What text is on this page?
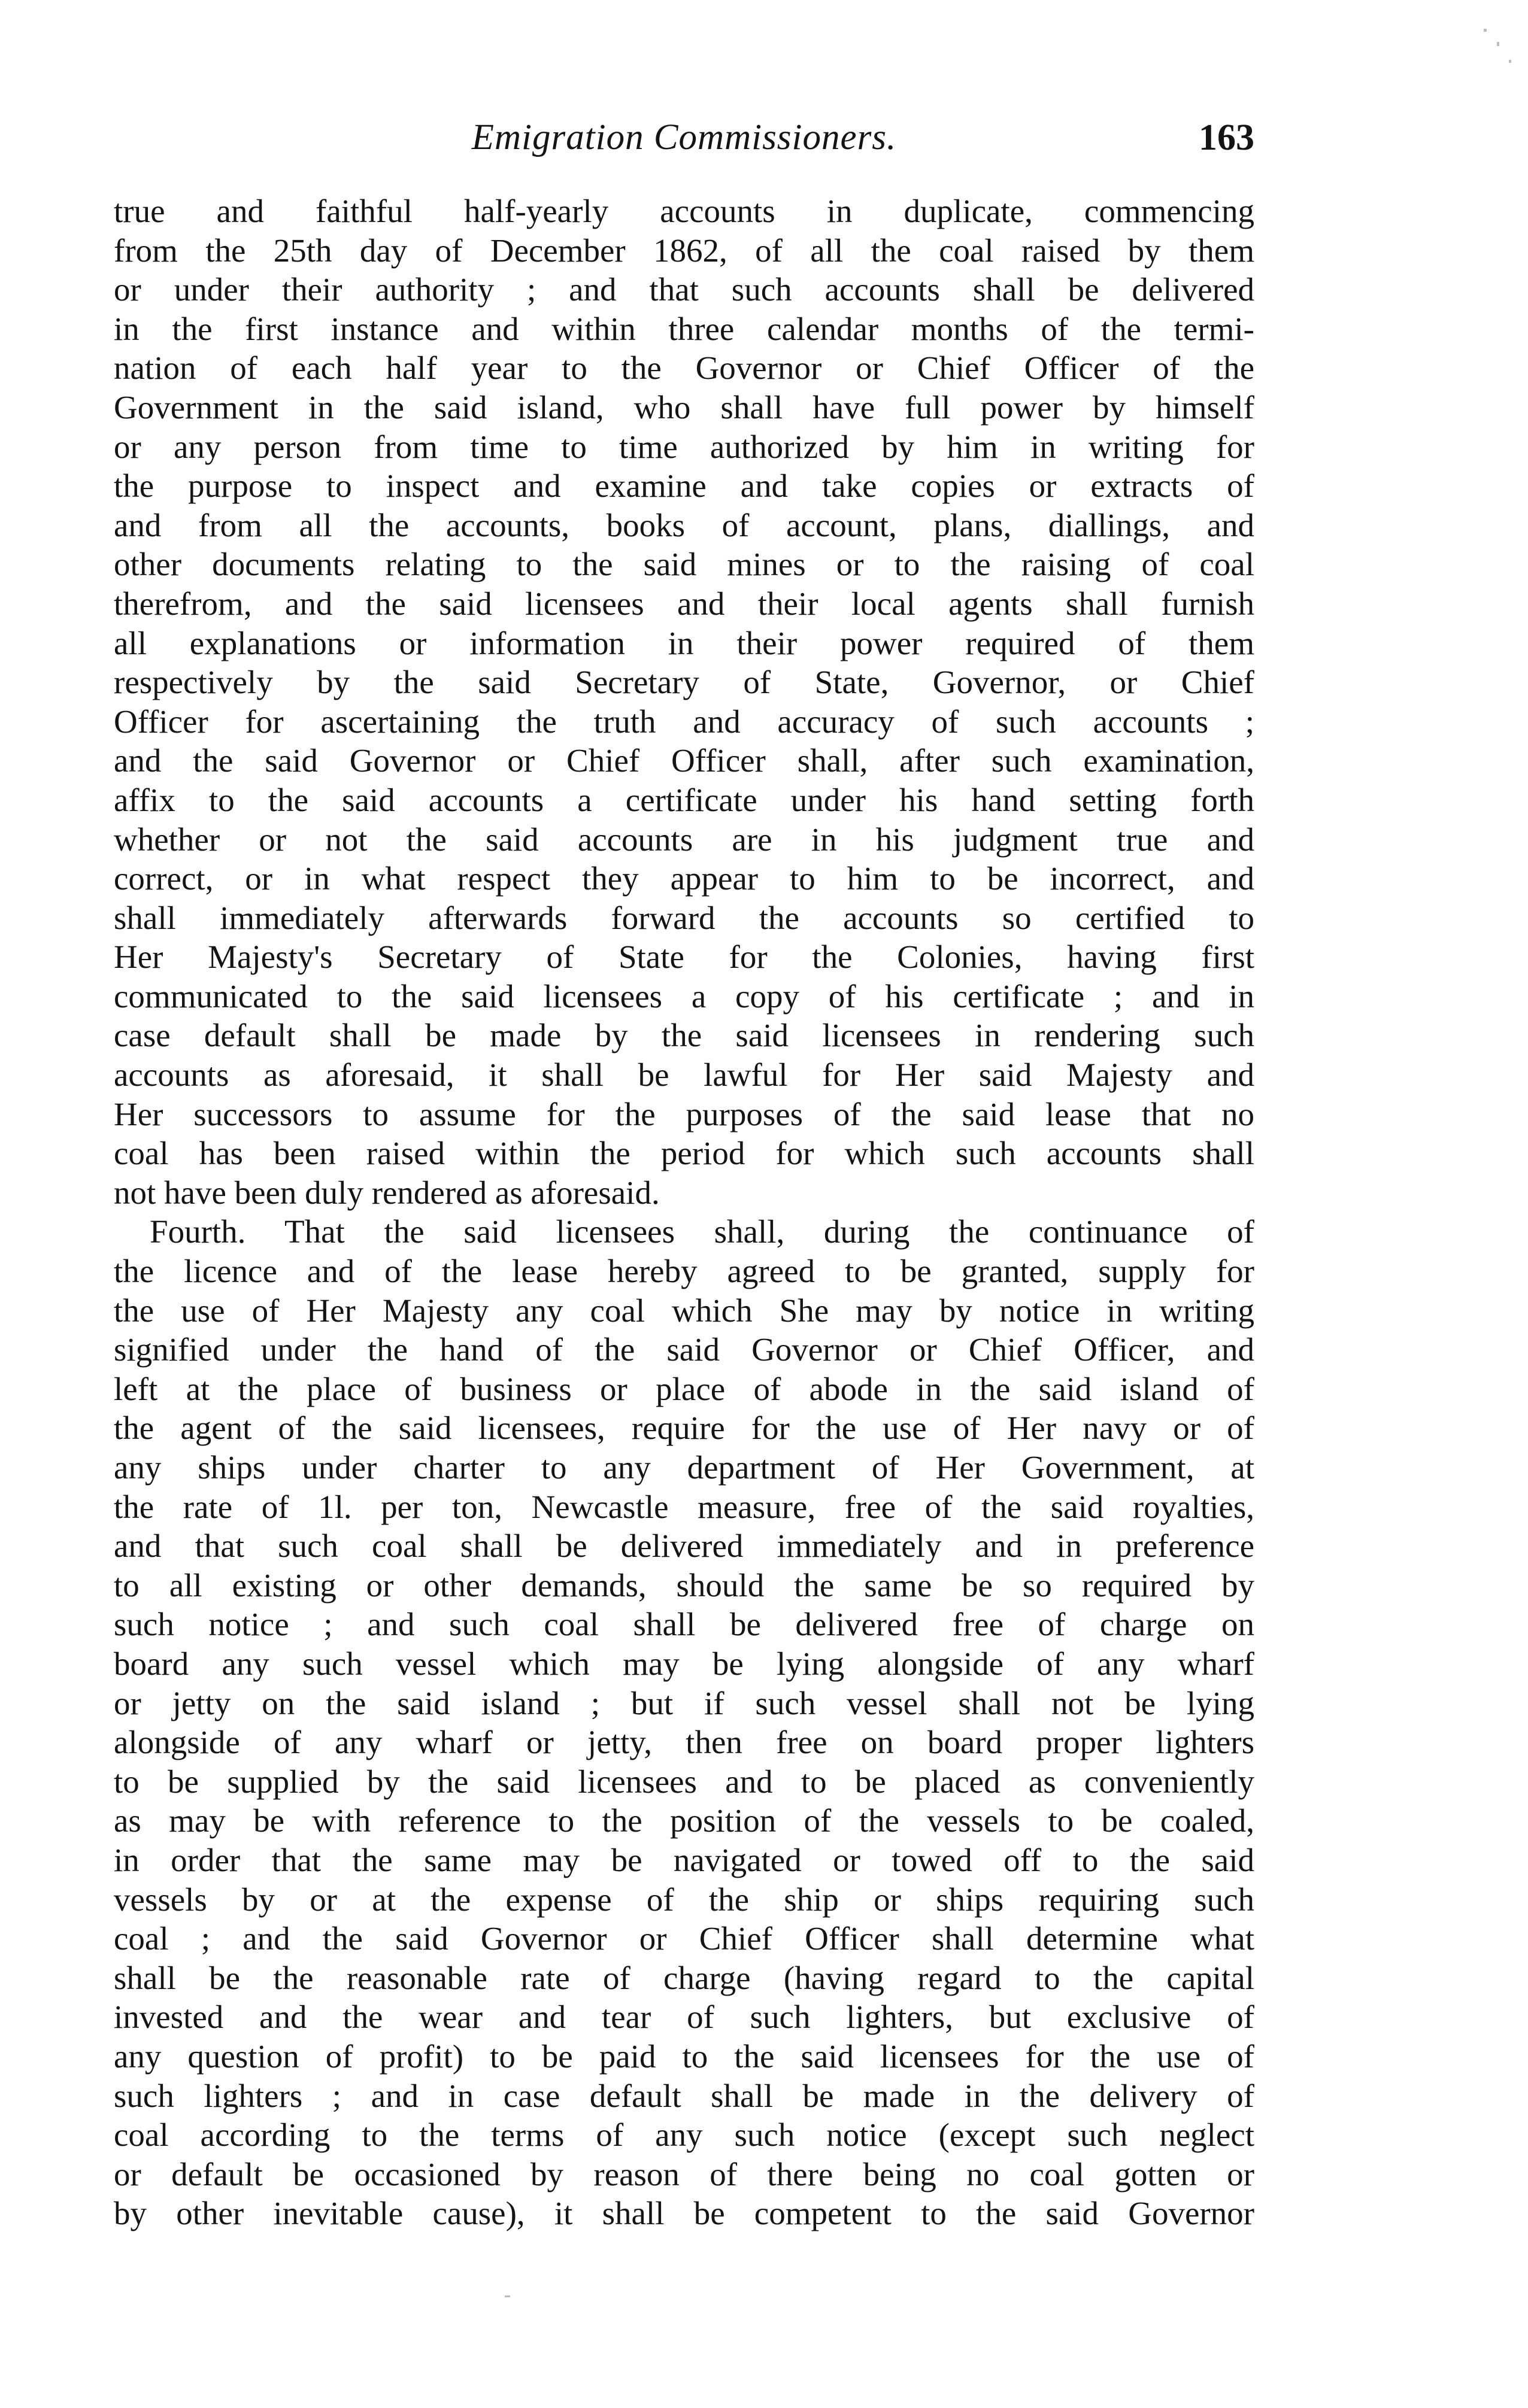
Emigration Commissioners.	163
true and faithful half-yearly accounts in duplicate, commencing
from the 25th day of December 1862, of all the coal raised by them
or under their authority ; and that such accounts shall be delivered
in the first instance and within three calendar months of the termi-
nation of each half year to the Governor or Chief Officer of the
Government in the said island, who shall have full power by himself
or any person from time to time authorized by him in writing for
the purpose to inspect and examine and take copies or extracts of
and from all the accounts, books of account, plans, diallings, and
other documents relating to the said mines or to the raising of coal
therefrom, and the said licensees and their local agents shall furnish
all explanations or information in their power required of them
respectively by the said Secretary of State, Governor, or Chief
Officer for ascertaining the truth and accuracy of such accounts ;
and the said Governor or Chief Officer shall, after such examination,
affix to the said accounts a certificate under his hand setting forth
whether or not the said accounts are in his judgment true and
correct, or in what respect they appear to him to be incorrect, and
shall immediately afterwards forward the accounts so certified to
Her Majesty's Secretary of State for the Colonies, having first
communicated to the said licensees a copy of his certificate ; and in
case default shall be made by the said licensees in rendering such
accounts as aforesaid, it shall be lawful for Her said Majesty and
Her successors to assume for the purposes of the said lease that no
coal has been raised within the period for which such accounts shall
not have been duly rendered as aforesaid.
Fourth. That the said licensees shall, during the continuance of
the licence and of the lease hereby agreed to be granted, supply for
the use of Her Majesty any coal which She may by notice in writing
signified under the hand of the said Governor or Chief Officer, and
left at the place of business or place of abode in the said island of
the agent of the said licensees, require for the use of Her navy or of
any ships under charter to any department of Her Government, at
the rate of 1l. per ton, Newcastle measure, free of the said royalties,
and that such coal shall be delivered immediately and in preference
to all existing or other demands, should the same be so required by
such notice ; and such coal shall be delivered free of charge on
board any such vessel which may be lying alongside of any wharf
or jetty on the said island ; but if such vessel shall not be lying
alongside of any wharf or jetty, then free on board proper lighters
to be supplied by the said licensees and to be placed as conveniently
as may be with reference to the position of the vessels to be coaled,
in order that the same may be navigated or towed off to the said
vessels by or at the expense of the ship or ships requiring such
coal ; and the said Governor or Chief Officer shall determine what
shall be the reasonable rate of charge (having regard to the capital
invested and the wear and tear of such lighters, but exclusive of
any question of profit) to be paid to the said licensees for the use of
such lighters ; and in case default shall be made in the delivery of
coal according to the terms of any such notice (except such neglect
or default be occasioned by reason of there being no coal gotten or
by other inevitable cause), it shall be competent to the said Governor
